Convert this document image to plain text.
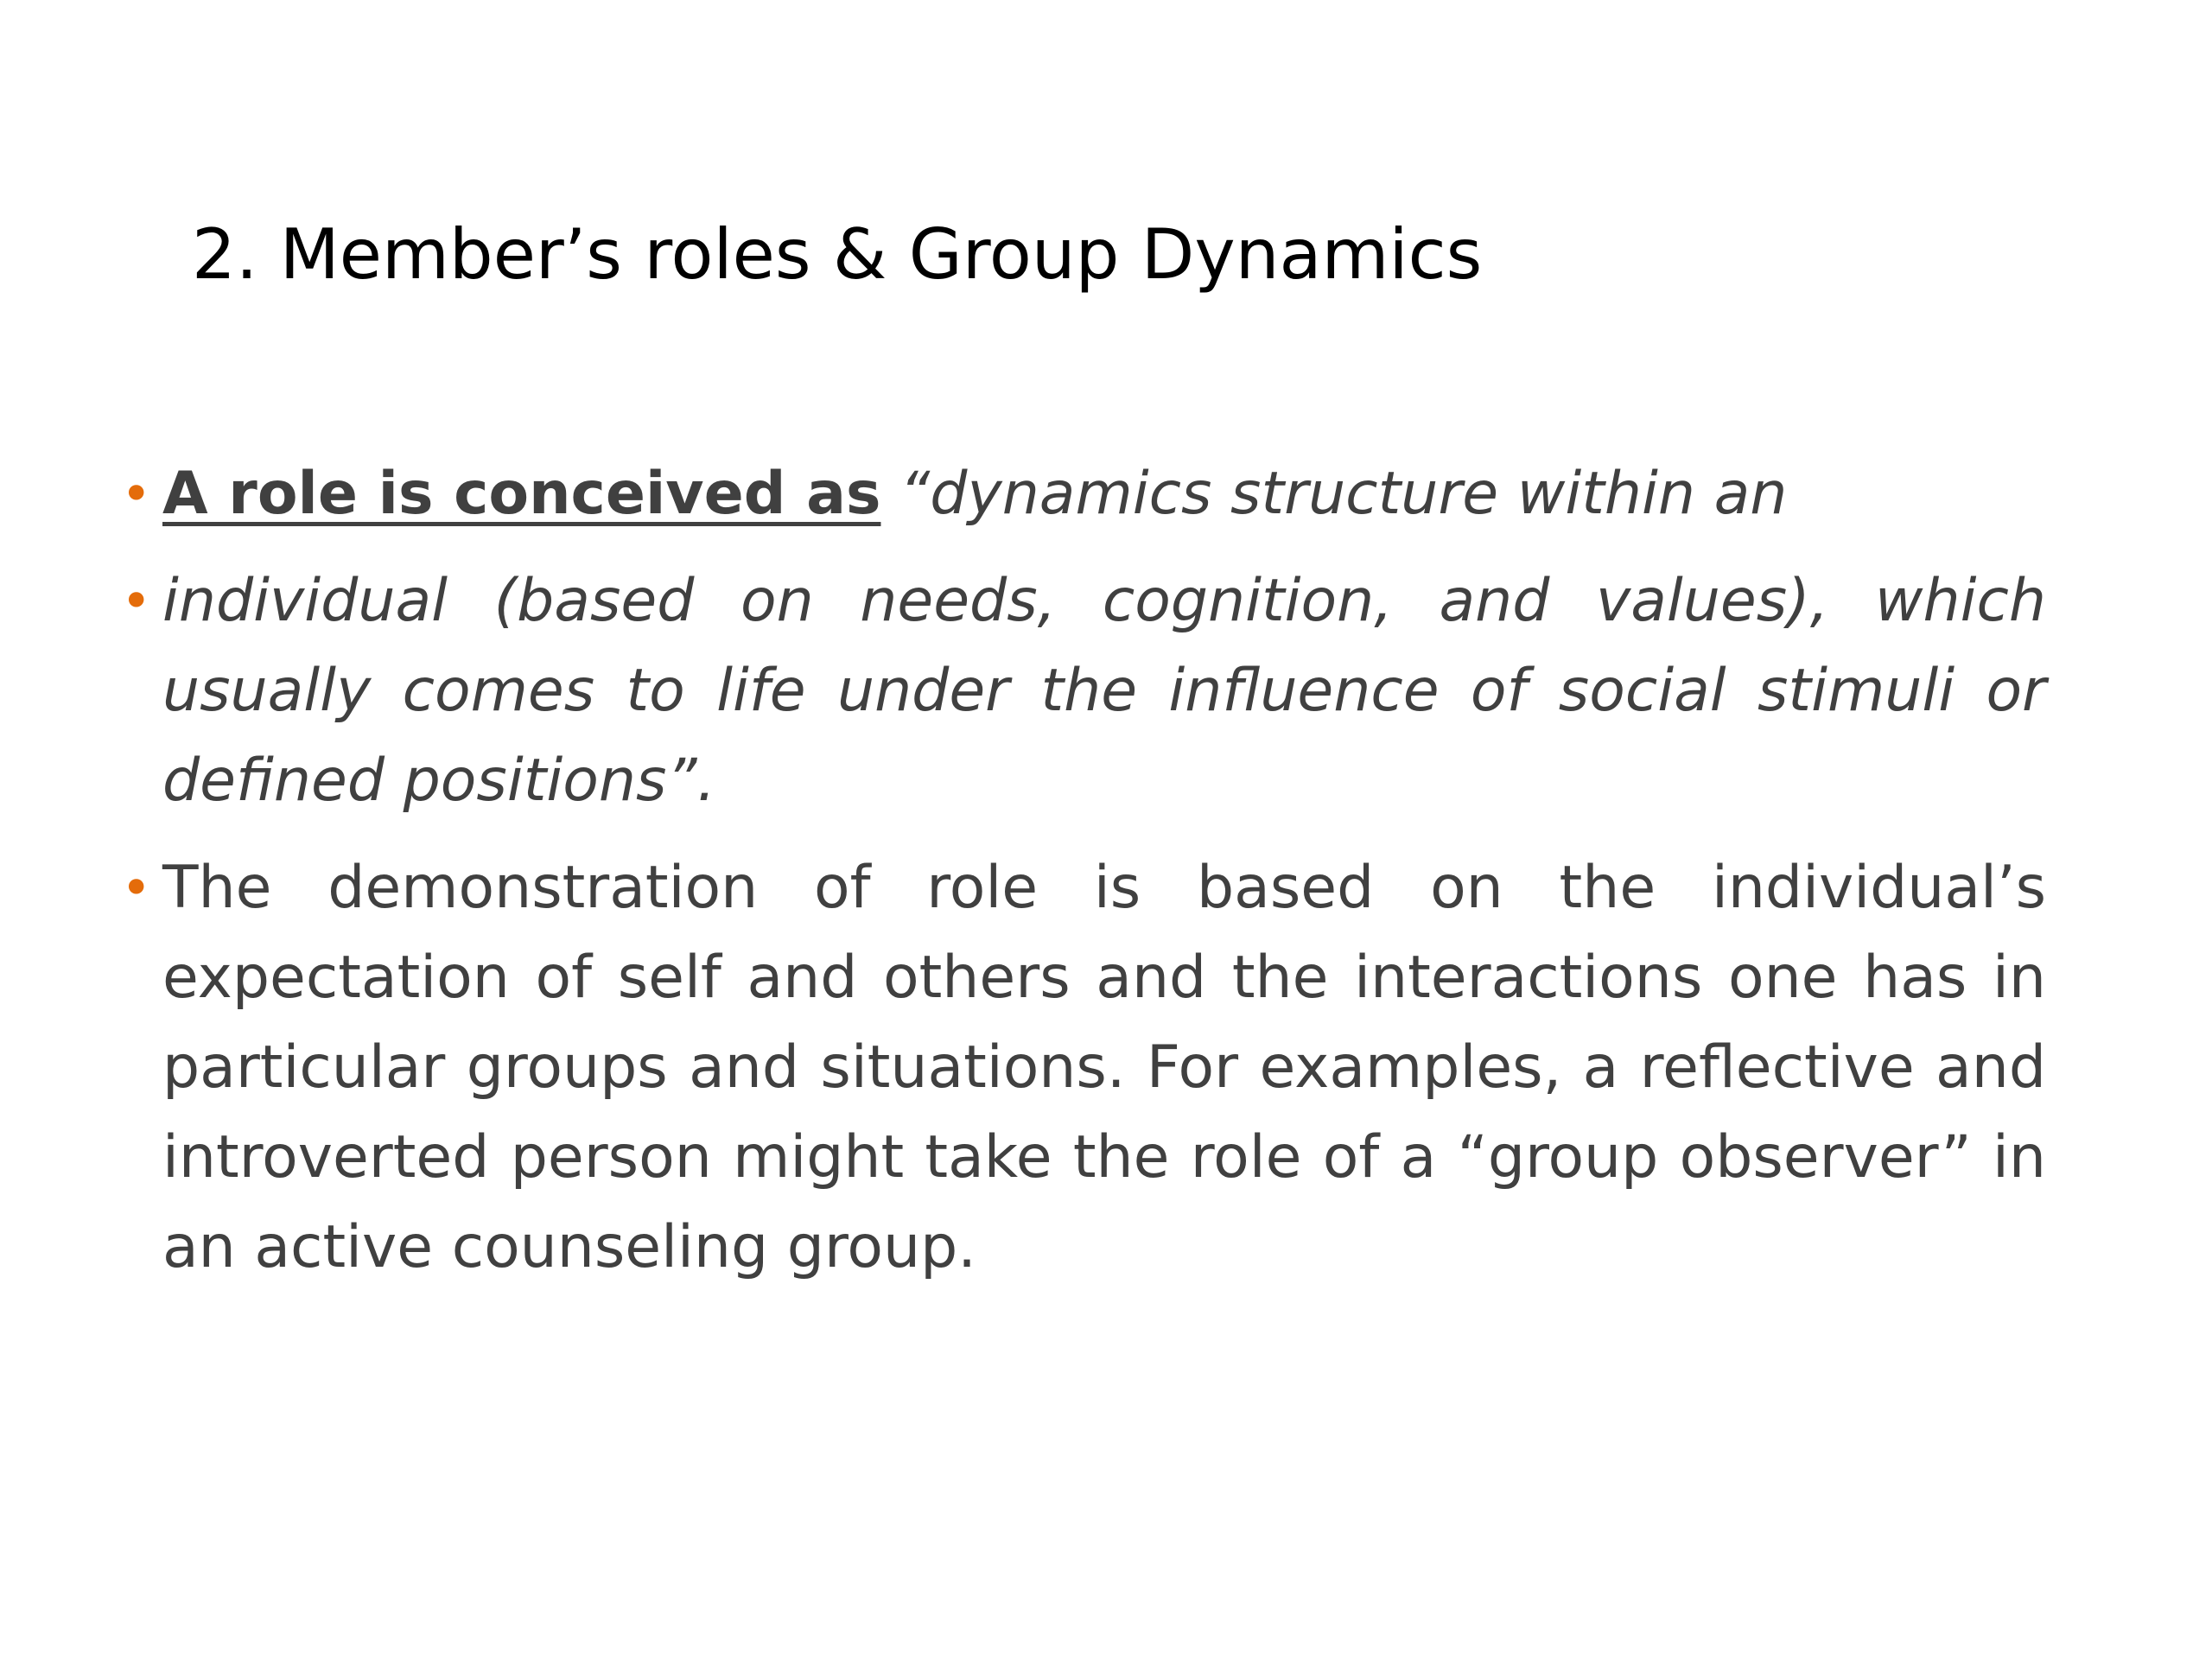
2. Member’s roles & Group Dynamics
• A role is conceived as “dynamics structure within an
• individual (based on needs, cognition, and values), which usually comes to life under the influence of social stimuli or defined positions”.
• The demonstration of role is based on the individual’s expectation of self and others and the interactions one has in particular groups and situations. For examples, a reflective and introverted person might take the role of a “group observer” in an active counseling group.
